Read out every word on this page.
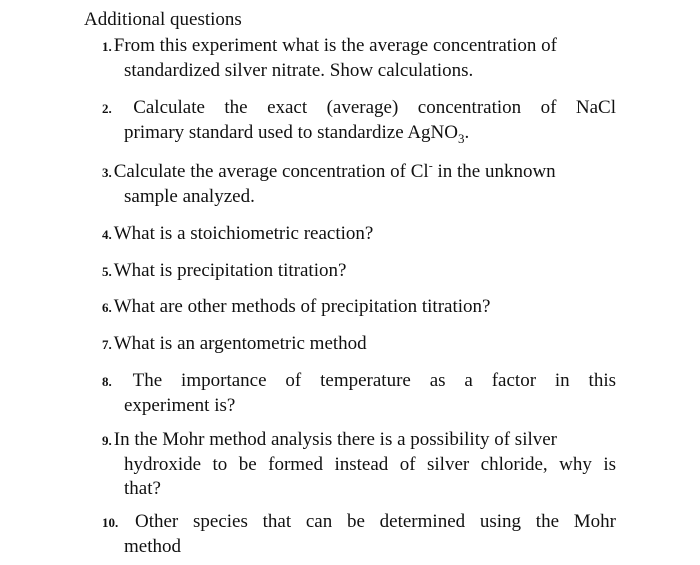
Additional questions
1. From this experiment what is the average concentration of
standardized silver nitrate. Show calculations.
2. Calculate the exact (average) concentration of NaCl
primary standard used to standardize AgNO$_3$.
3. Calculate the average concentration of Cl- in the unknown
sample analyzed.
4. What is a stoichiometric reaction?
5. What is precipitation titration?
6. What are other methods of precipitation titration?
7. What is an argentometric method
8. The importance of temperature as a factor in this
experiment is?
9. In the Mohr method analysis there is a possibility of silver
hydroxide to be formed instead of silver chloride, why is
that?
10. Other species that can be determined using the Mohr
method
